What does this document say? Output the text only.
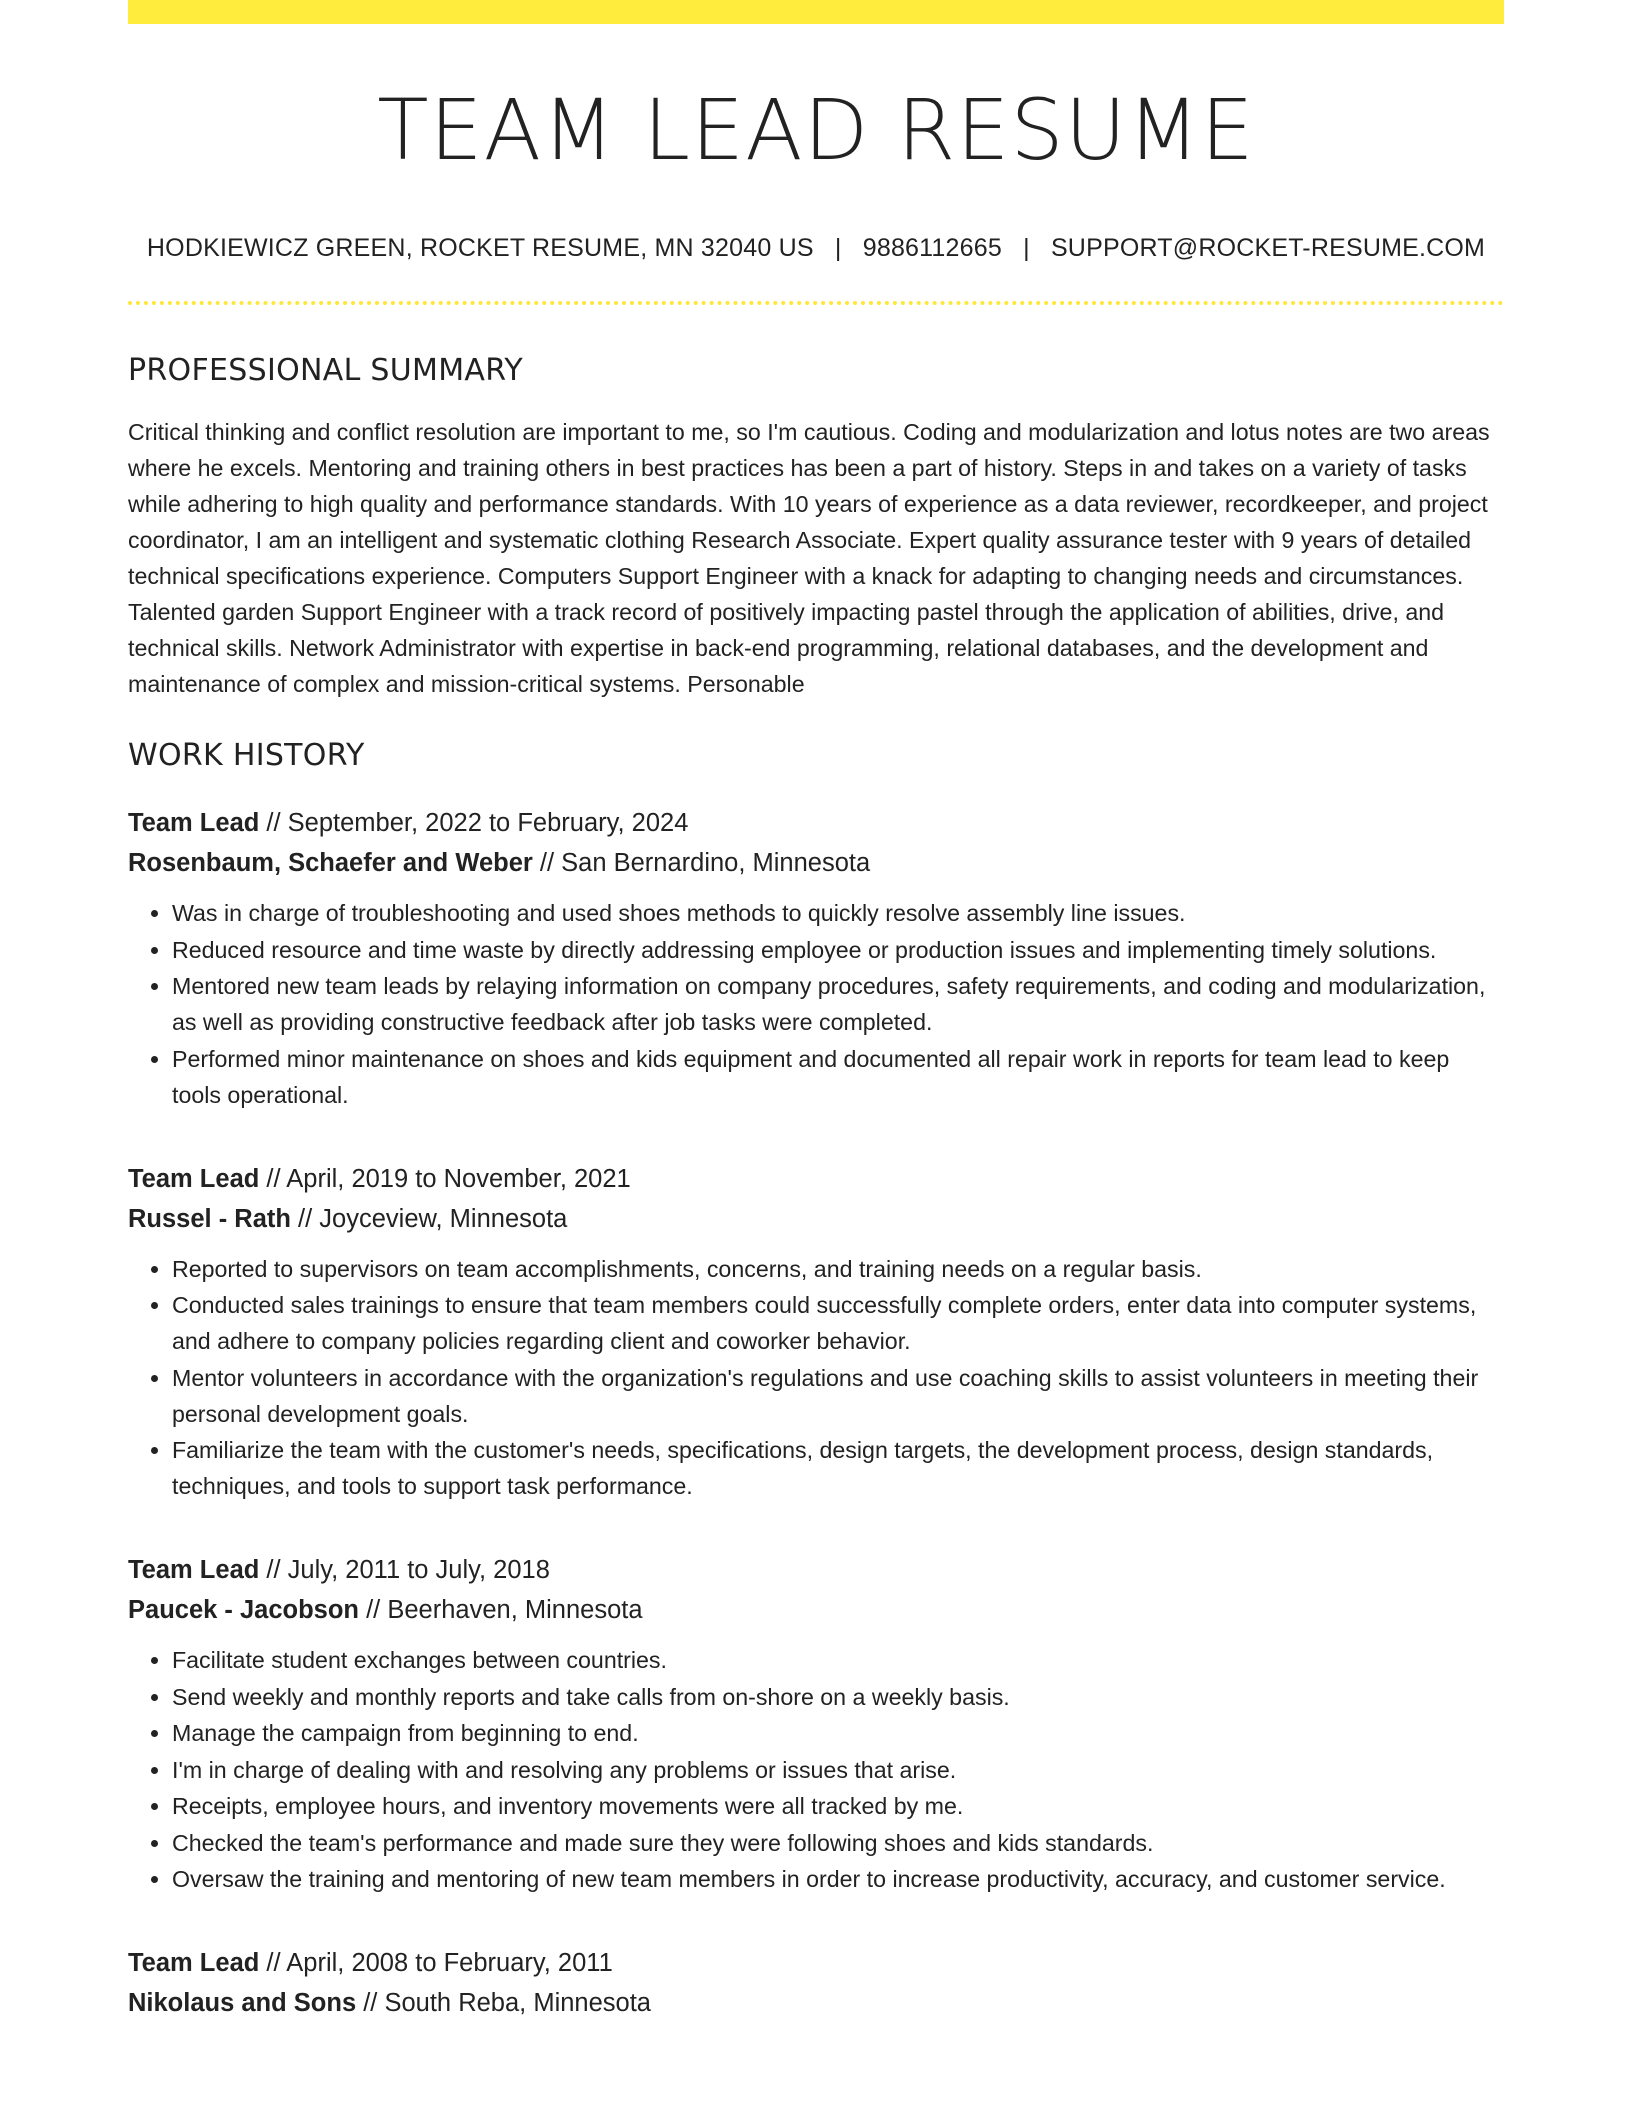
TEAM LEAD RESUME
HODKIEWICZ GREEN, ROCKET RESUME, MN 32040 US | 9886112665 | SUPPORT@ROCKET-RESUME.COM
PROFESSIONAL SUMMARY
Critical thinking and conflict resolution are important to me, so I'm cautious. Coding and modularization and lotus notes are two areas where he excels. Mentoring and training others in best practices has been a part of history. Steps in and takes on a variety of tasks while adhering to high quality and performance standards. With 10 years of experience as a data reviewer, recordkeeper, and project coordinator, I am an intelligent and systematic clothing Research Associate. Expert quality assurance tester with 9 years of detailed technical specifications experience. Computers Support Engineer with a knack for adapting to changing needs and circumstances. Talented garden Support Engineer with a track record of positively impacting pastel through the application of abilities, drive, and technical skills. Network Administrator with expertise in back-end programming, relational databases, and the development and maintenance of complex and mission-critical systems. Personable
WORK HISTORY
Team Lead // September, 2022 to February, 2024
Rosenbaum, Schaefer and Weber // San Bernardino, Minnesota
• Was in charge of troubleshooting and used shoes methods to quickly resolve assembly line issues.
• Reduced resource and time waste by directly addressing employee or production issues and implementing timely solutions.
• Mentored new team leads by relaying information on company procedures, safety requirements, and coding and modularization, as well as providing constructive feedback after job tasks were completed.
• Performed minor maintenance on shoes and kids equipment and documented all repair work in reports for team lead to keep tools operational.
Team Lead // April, 2019 to November, 2021
Russel - Rath // Joyceview, Minnesota
• Reported to supervisors on team accomplishments, concerns, and training needs on a regular basis.
• Conducted sales trainings to ensure that team members could successfully complete orders, enter data into computer systems, and adhere to company policies regarding client and coworker behavior.
• Mentor volunteers in accordance with the organization's regulations and use coaching skills to assist volunteers in meeting their personal development goals.
• Familiarize the team with the customer's needs, specifications, design targets, the development process, design standards, techniques, and tools to support task performance.
Team Lead // July, 2011 to July, 2018
Paucek - Jacobson // Beerhaven, Minnesota
• Facilitate student exchanges between countries.
• Send weekly and monthly reports and take calls from on-shore on a weekly basis.
• Manage the campaign from beginning to end.
• I'm in charge of dealing with and resolving any problems or issues that arise.
• Receipts, employee hours, and inventory movements were all tracked by me.
• Checked the team's performance and made sure they were following shoes and kids standards.
• Oversaw the training and mentoring of new team members in order to increase productivity, accuracy, and customer service.
Team Lead // April, 2008 to February, 2011
Nikolaus and Sons // South Reba, Minnesota
